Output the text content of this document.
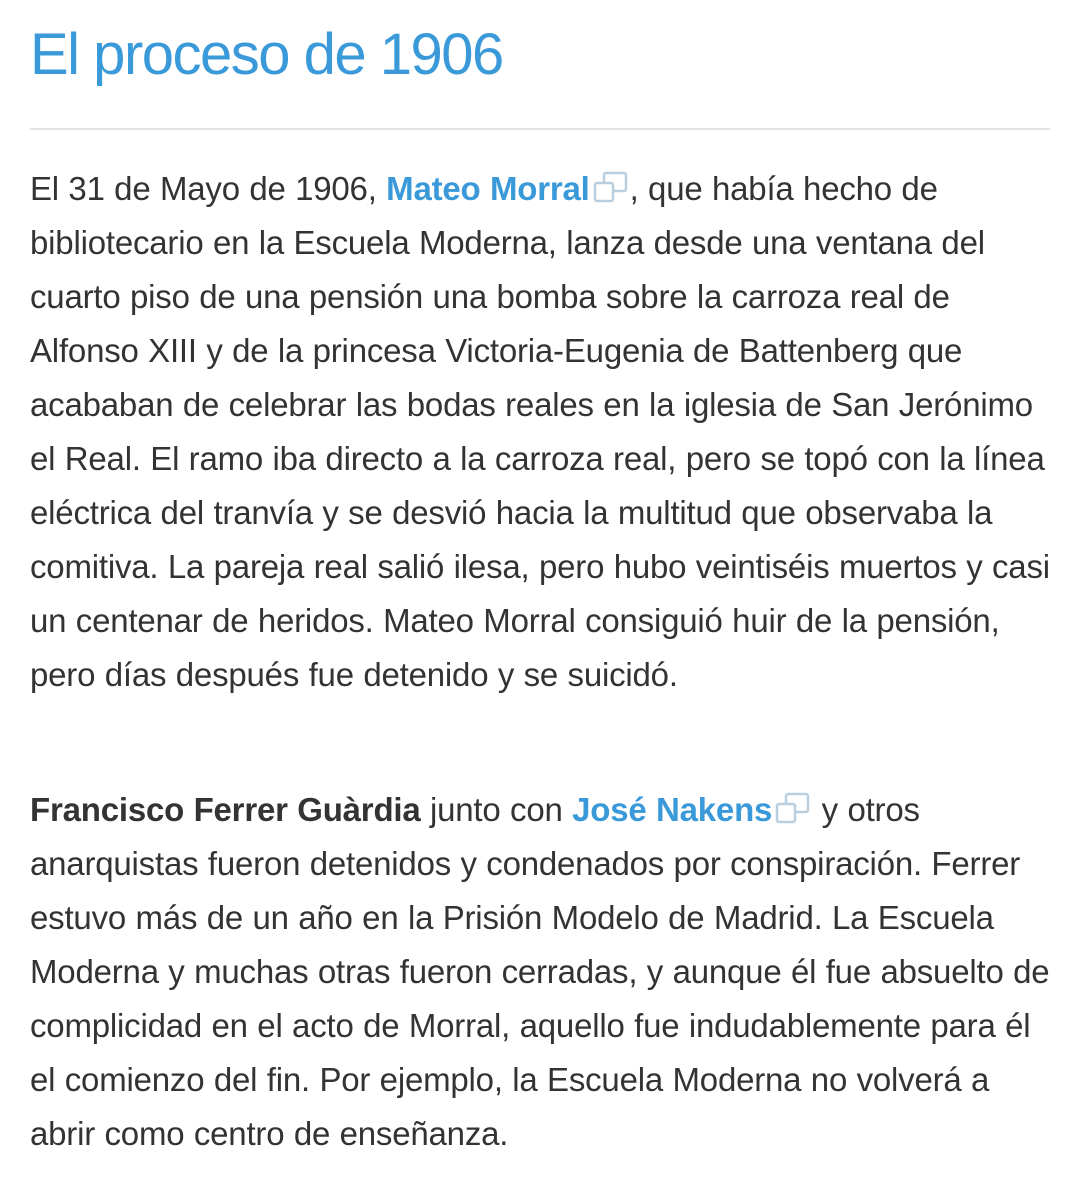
El proceso de 1906

El 31 de Mayo de 1906, Mateo Morral , que había hecho de bibliotecario en la Escuela Moderna, lanza desde una ventana del cuarto piso de una pensión una bomba sobre la carroza real de Alfonso XIII y de la princesa Victoria-Eugenia de Battenberg que acababan de celebrar las bodas reales en la iglesia de San Jerónimo el Real. El ramo iba directo a la carroza real, pero se topó con la línea eléctrica del tranvía y se desvió hacia la multitud que observaba la comitiva. La pareja real salió ilesa, pero hubo veintiséis muertos y casi un centenar de heridos. Mateo Morral consiguió huir de la pensión, pero días después fue detenido y se suicidó.

Francisco Ferrer Guàrdia junto con José Nakens y otros anarquistas fueron detenidos y condenados por conspiración. Ferrer estuvo más de un año en la Prisión Modelo de Madrid. La Escuela Moderna y muchas otras fueron cerradas, y aunque él fue absuelto de complicidad en el acto de Morral, aquello fue indudablemente para él el comienzo del fin. Por ejemplo, la Escuela Moderna no volverá a abrir como centro de enseñanza.
